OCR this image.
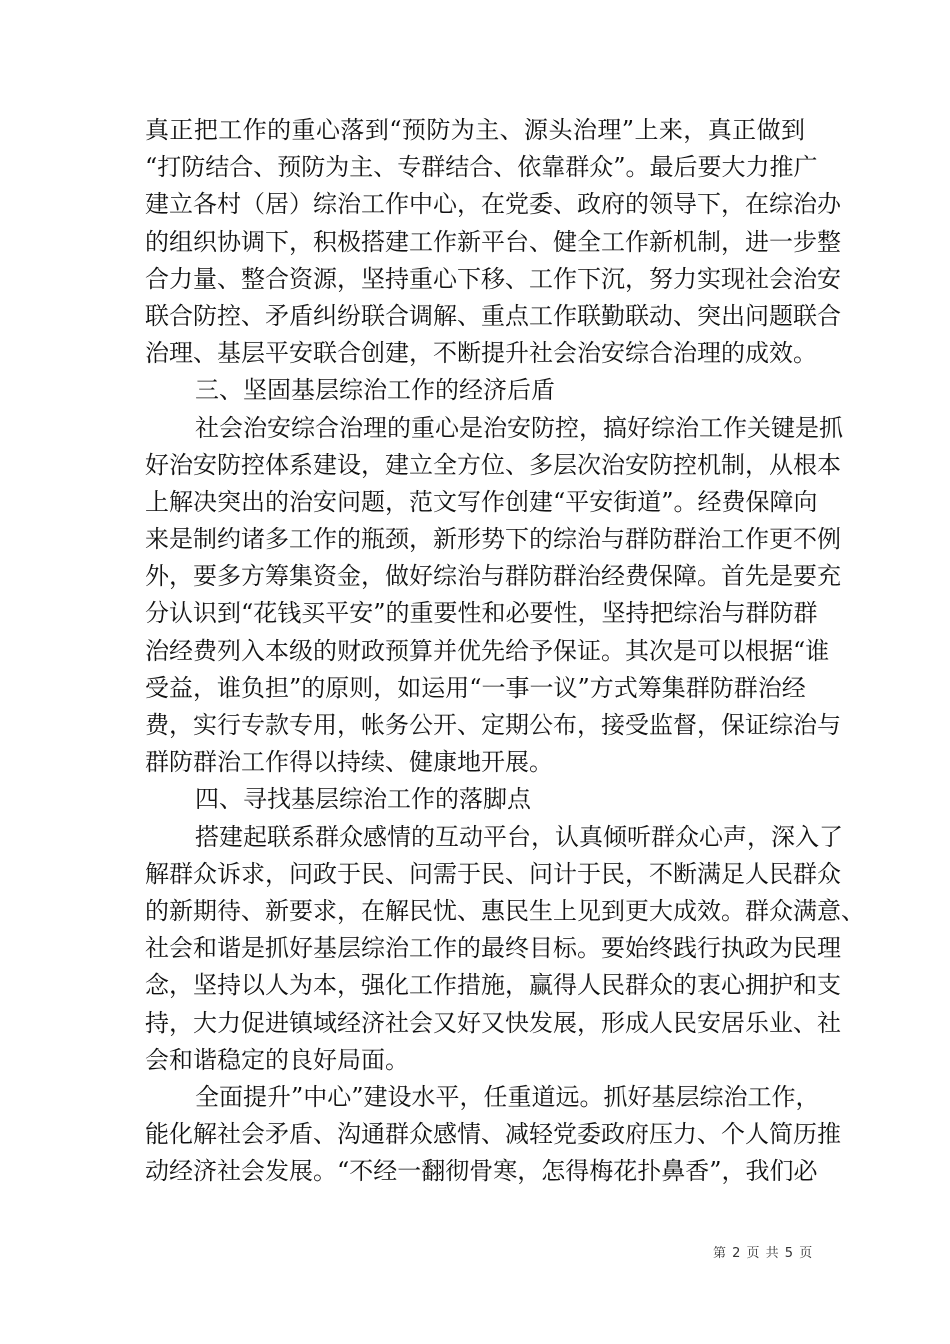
真正把工作的重心落到“预防为主、源头治理”上来，真正做到
“打防结合、预防为主、专群结合、依靠群众”。最后要大力推广
建立各村（居）综治工作中心，在党委、政府的领导下，在综治办
的组织协调下，积极搭建工作新平台、健全工作新机制，进一步整
合力量、整合资源，坚持重心下移、工作下沉，努力实现社会治安
联合防控、矛盾纠纷联合调解、重点工作联勤联动、突出问题联合
治理、基层平安联合创建，不断提升社会治安综合治理的成效。
三、坚固基层综治工作的经济后盾
社会治安综合治理的重心是治安防控，搞好综治工作关键是抓
好治安防控体系建设，建立全方位、多层次治安防控机制，从根本
上解决突出的治安问题，范文写作创建“平安街道”。经费保障向
来是制约诸多工作的瓶颈，新形势下的综治与群防群治工作更不例
外，要多方筹集资金，做好综治与群防群治经费保障。首先是要充
分认识到“花钱买平安”的重要性和必要性，坚持把综治与群防群
治经费列入本级的财政预算并优先给予保证。其次是可以根据“谁
受益，谁负担”的原则，如运用“一事一议”方式筹集群防群治经
费，实行专款专用，帐务公开、定期公布，接受监督，保证综治与
群防群治工作得以持续、健康地开展。
四、寻找基层综治工作的落脚点
搭建起联系群众感情的互动平台，认真倾听群众心声，深入了
解群众诉求，问政于民、问需于民、问计于民，不断满足人民群众
的新期待、新要求，在解民忧、惠民生上见到更大成效。群众满意、
社会和谐是抓好基层综治工作的最终目标。要始终践行执政为民理
念，坚持以人为本，强化工作措施，赢得人民群众的衷心拥护和支
持，大力促进镇域经济社会又好又快发展，形成人民安居乐业、社
会和谐稳定的良好局面。
全面提升”中心”建设水平，任重道远。抓好基层综治工作，
能化解社会矛盾、沟通群众感情、减轻党委政府压力、个人简历推
动经济社会发展。“不经一翻彻骨寒，怎得梅花扑鼻香”，我们必
第 2 页 共 5 页
